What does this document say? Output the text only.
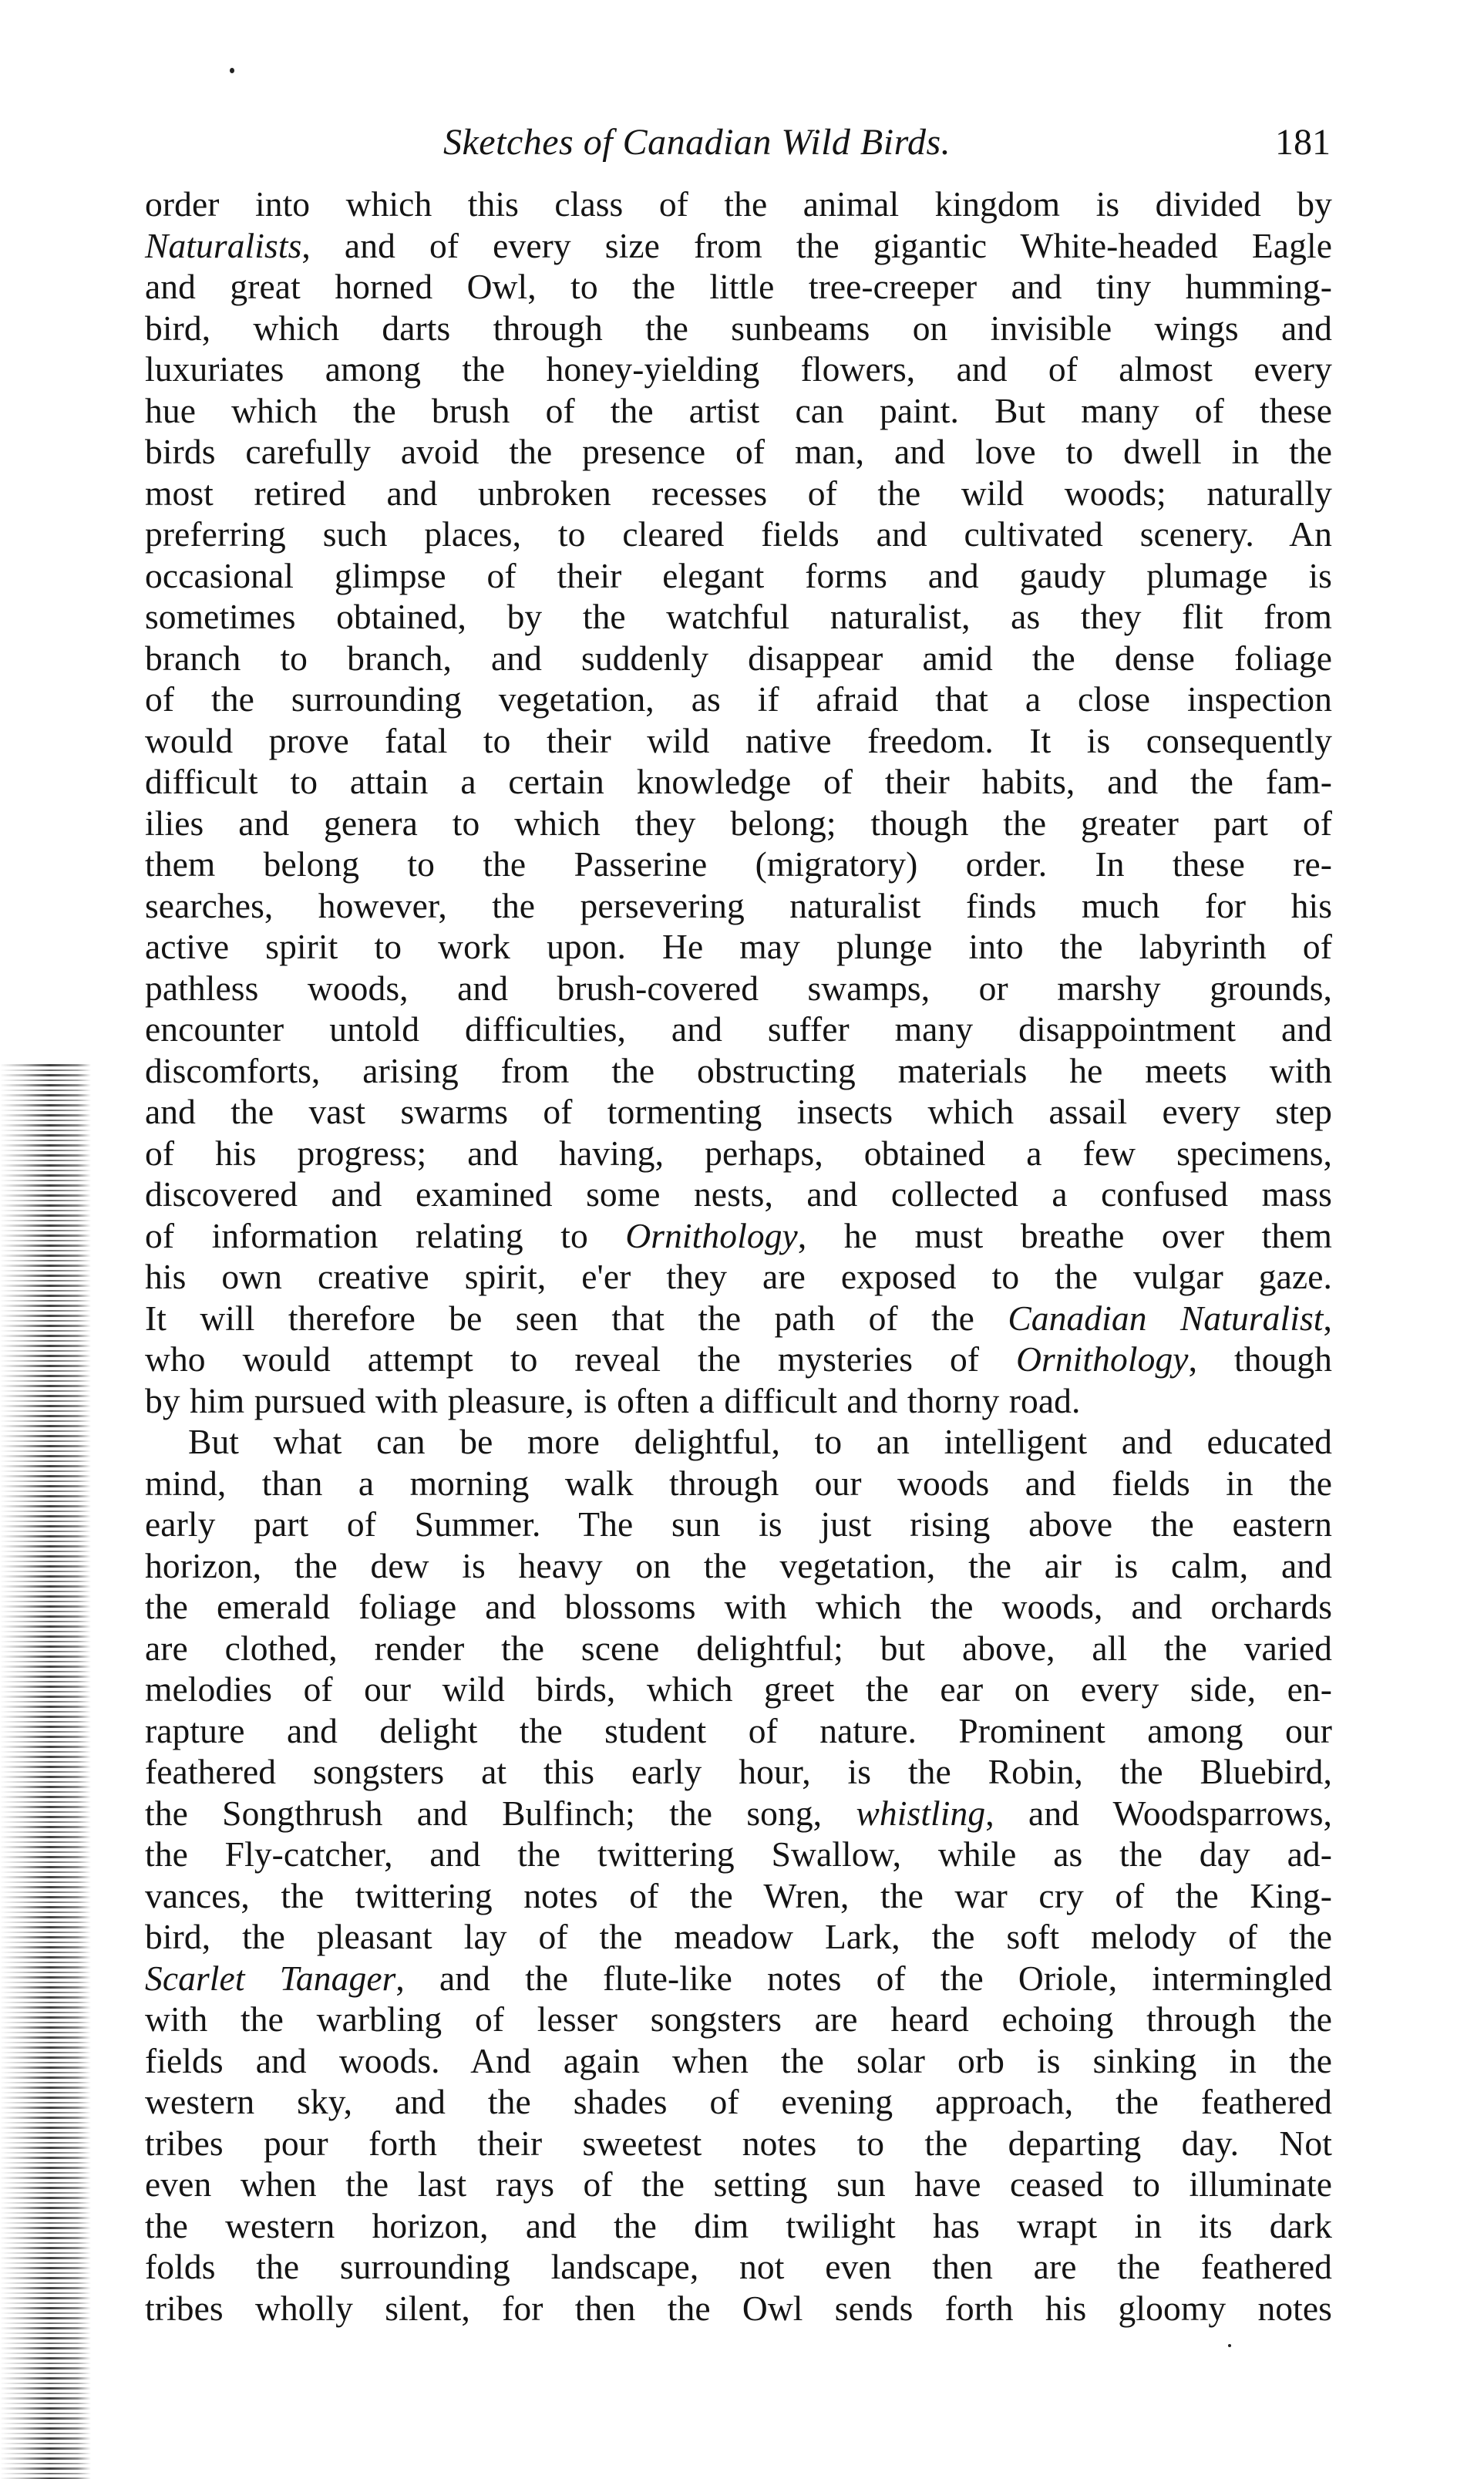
Sketches of Canadian Wild Birds.	181
order into which this class of the animal kingdom is divided by
Naturalists, and of every size from the gigantic White-headed Eagle
and great horned Owl, to the little tree-creeper and tiny humming-
bird, which darts through the sunbeams on invisible wings and
luxuriates among the honey-yielding flowers, and of almost every
hue which the brush of the artist can paint. But many of these
birds carefully avoid the presence of man, and love to dwell in the
most retired and unbroken recesses of the wild woods; naturally
preferring such places, to cleared fields and cultivated scenery. An
occasional glimpse of their elegant forms and gaudy plumage is
sometimes obtained, by the watchful naturalist, as they flit from
branch to branch, and suddenly disappear amid the dense foliage
of the surrounding vegetation, as if afraid that a close inspection
would prove fatal to their wild native freedom. It is consequently
difficult to attain a certain knowledge of their habits, and the fam-
ilies and genera to which they belong; though the greater part of
them belong to the Passerine (migratory) order. In these re-
searches, however, the persevering naturalist finds much for his
active spirit to work upon. He may plunge into the labyrinth of
pathless woods, and brush-covered swamps, or marshy grounds,
encounter untold difficulties, and suffer many disappointment and
discomforts, arising from the obstructing materials he meets with
and the vast swarms of tormenting insects which assail every step
of his progress; and having, perhaps, obtained a few specimens,
discovered and examined some nests, and collected a confused mass
of information relating to Ornithology, he must breathe over them
his own creative spirit, e'er they are exposed to the vulgar gaze.
It will therefore be seen that the path of the Canadian Naturalist,
who would attempt to reveal the mysteries of Ornithology, though
by him pursued with pleasure, is often a difficult and thorny road.
But what can be more delightful, to an intelligent and educated
mind, than a morning walk through our woods and fields in the
early part of Summer. The sun is just rising above the eastern
horizon, the dew is heavy on the vegetation, the air is calm, and
the emerald foliage and blossoms with which the woods, and orchards
are clothed, render the scene delightful; but above, all the varied
melodies of our wild birds, which greet the ear on every side, en-
rapture and delight the student of nature. Prominent among our
feathered songsters at this early hour, is the Robin, the Bluebird,
the Songthrush and Bulfinch; the song, whistling, and Woodsparrows,
the Fly-catcher, and the twittering Swallow, while as the day ad-
vances, the twittering notes of the Wren, the war cry of the King-
bird, the pleasant lay of the meadow Lark, the soft melody of the
Scarlet Tanager, and the flute-like notes of the Oriole, intermingled
with the warbling of lesser songsters are heard echoing through the
fields and woods. And again when the solar orb is sinking in the
western sky, and the shades of evening approach, the feathered
tribes pour forth their sweetest notes to the departing day. Not
even when the last rays of the setting sun have ceased to illuminate
the western horizon, and the dim twilight has wrapt in its dark
folds the surrounding landscape, not even then are the feathered
tribes wholly silent, for then the Owl sends forth his gloomy notes
